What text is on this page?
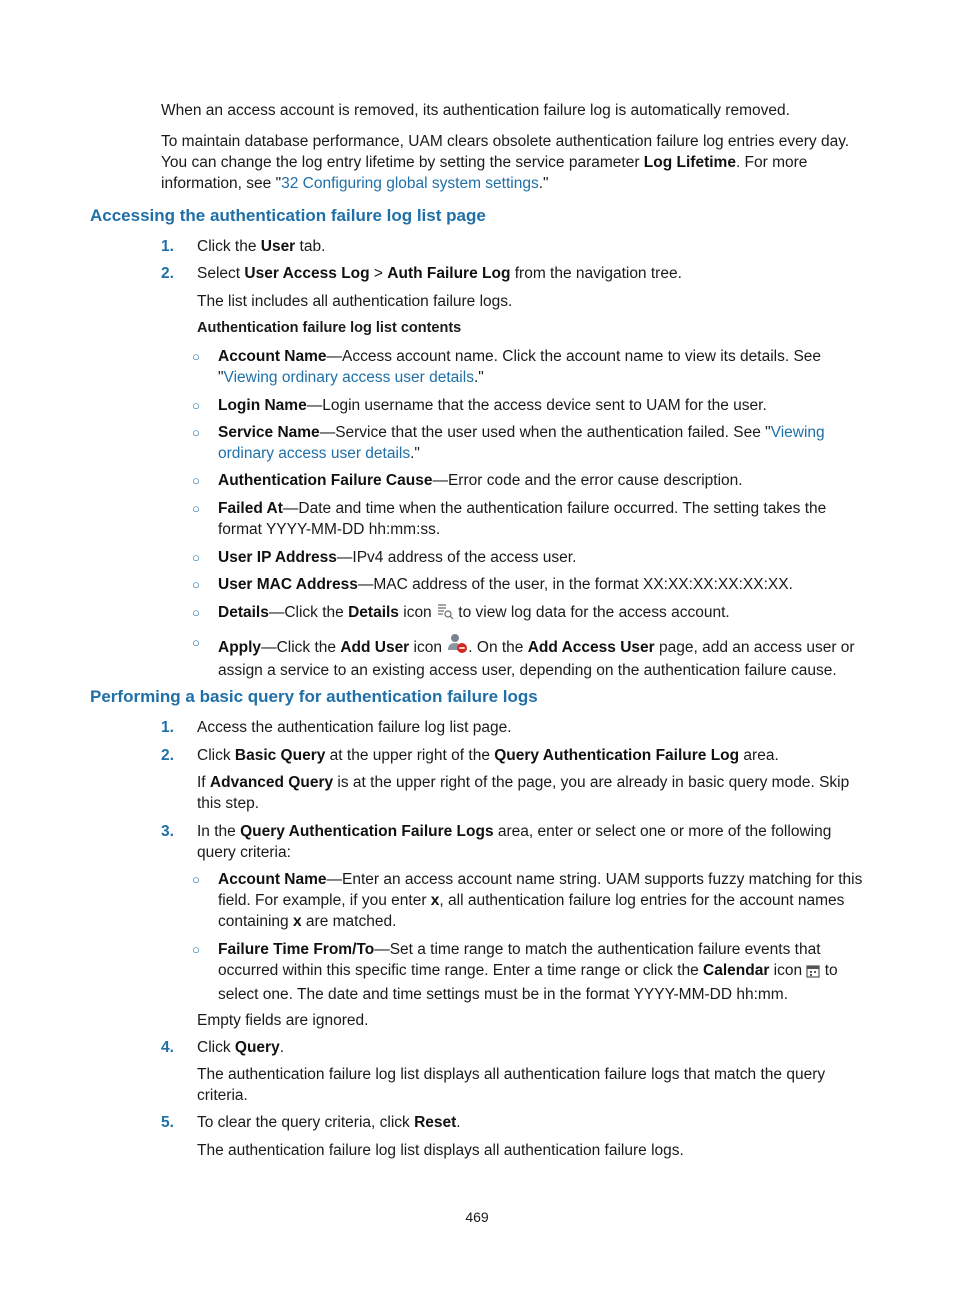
When an access account is removed, its authentication failure log is automatically removed.

To maintain database performance, UAM clears obsolete authentication failure log entries every day. You can change the log entry lifetime by setting the service parameter Log Lifetime. For more information, see "32 Configuring global system settings."

Accessing the authentication failure log list page
1. Click the User tab.
2. Select User Access Log > Auth Failure Log from the navigation tree.

The list includes all authentication failure logs.

Authentication failure log list contents

○ Account Name—Access account name. Click the account name to view its details. See "Viewing ordinary access user details."
○ Login Name—Login username that the access device sent to UAM for the user.
○ Service Name—Service that the user used when the authentication failed. See "Viewing ordinary access user details."
○ Authentication Failure Cause—Error code and the error cause description.
○ Failed At—Date and time when the authentication failure occurred. The setting takes the format YYYY-MM-DD hh:mm:ss.
○ User IP Address—IPv4 address of the access user.
○ User MAC Address—MAC address of the user, in the format XX:XX:XX:XX:XX:XX.
○ Details—Click the Details icon  to view log data for the access account.
○ Apply—Click the Add User icon . On the Add Access User page, add an access user or assign a service to an existing access user, depending on the authentication failure cause.
Performing a basic query for authentication failure logs
1. Access the authentication failure log list page.
2. Click Basic Query at the upper right of the Query Authentication Failure Log area.

If Advanced Query is at the upper right of the page, you are already in basic query mode. Skip this step.

3. In the Query Authentication Failure Logs area, enter or select one or more of the following query criteria:
○ Account Name—Enter an access account name string. UAM supports fuzzy matching for this field. For example, if you enter x, all authentication failure log entries for the account names containing x are matched.
○ Failure Time From/To—Set a time range to match the authentication failure events that occurred within this specific time range. Enter a time range or click the Calendar icon  to select one. The date and time settings must be in the format YYYY-MM-DD hh:mm.

Empty fields are ignored.

4. Click Query.

The authentication failure log list displays all authentication failure logs that match the query criteria.

5. To clear the query criteria, click Reset.

The authentication failure log list displays all authentication failure logs.

469
